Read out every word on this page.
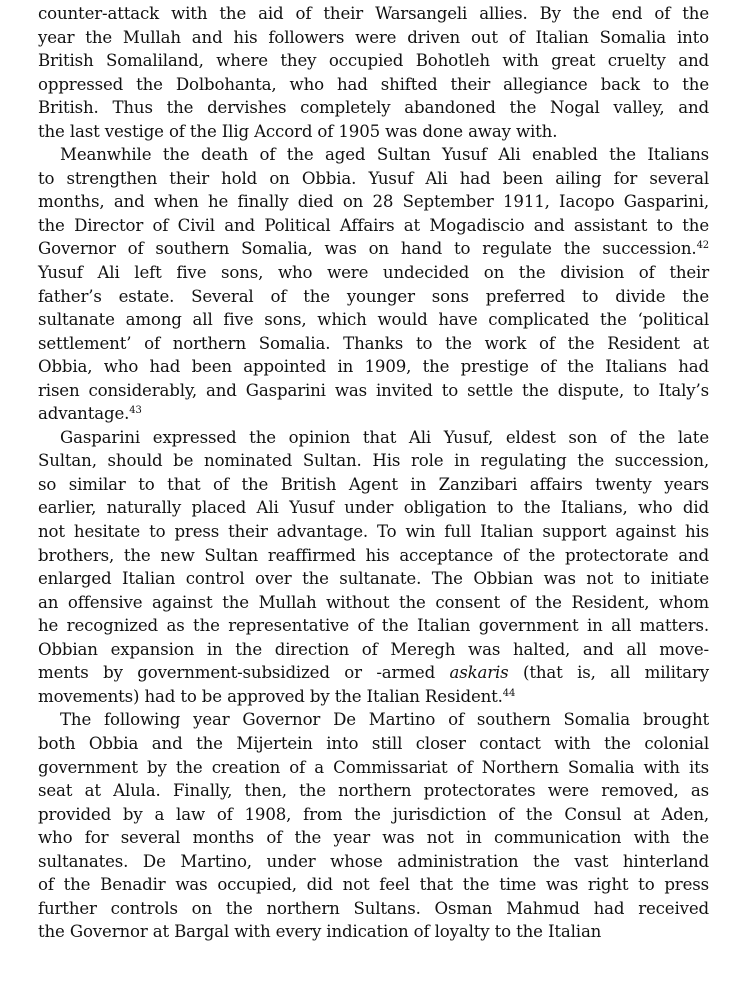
counter-attack with the aid of their Warsangeli allies. By the end of the
year the Mullah and his followers were driven out of Italian Somalia into
British Somaliland, where they occupied Bohotleh with great cruelty and
oppressed the Dolbohanta, who had shifted their allegiance back to the
British. Thus the dervishes completely abandoned the Nogal valley, and
the last vestige of the Ilig Accord of 1905 was done away with.
Meanwhile the death of the aged Sultan Yusuf Ali enabled the Italians
to strengthen their hold on Obbia. Yusuf Ali had been ailing for several
months, and when he finally died on 28 September 1911, Iacopo Gasparini,
the Director of Civil and Political Affairs at Mogadiscio and assistant to the
Governor of southern Somalia, was on hand to regulate the succession.$^{42}$
Yusuf Ali left five sons, who were undecided on the division of their
father’s estate. Several of the younger sons preferred to divide the
sultanate among all five sons, which would have complicated the ‘political
settlement’ of northern Somalia. Thanks to the work of the Resident at
Obbia, who had been appointed in 1909, the prestige of the Italians had
risen considerably, and Gasparini was invited to settle the dispute, to Italy’s
advantage.$^{43}$
Gasparini expressed the opinion that Ali Yusuf, eldest son of the late
Sultan, should be nominated Sultan. His role in regulating the succession,
so similar to that of the British Agent in Zanzibari affairs twenty years
earlier, naturally placed Ali Yusuf under obligation to the Italians, who did
not hesitate to press their advantage. To win full Italian support against his
brothers, the new Sultan reaffirmed his acceptance of the protectorate and
enlarged Italian control over the sultanate. The Obbian was not to initiate
an offensive against the Mullah without the consent of the Resident, whom
he recognized as the representative of the Italian government in all matters.
Obbian expansion in the direction of Meregh was halted, and all move-
ments by government-subsidized or -armed askaris (that is, all military
movements) had to be approved by the Italian Resident.$^{44}$
The following year Governor De Martino of southern Somalia brought
both Obbia and the Mijertein into still closer contact with the colonial
government by the creation of a Commissariat of Northern Somalia with its
seat at Alula. Finally, then, the northern protectorates were removed, as
provided by a law of 1908, from the jurisdiction of the Consul at Aden,
who for several months of the year was not in communication with the
sultanates. De Martino, under whose administration the vast hinterland
of the Benadir was occupied, did not feel that the time was right to press
further controls on the northern Sultans. Osman Mahmud had received
the Governor at Bargal with every indication of loyalty to the Italian
